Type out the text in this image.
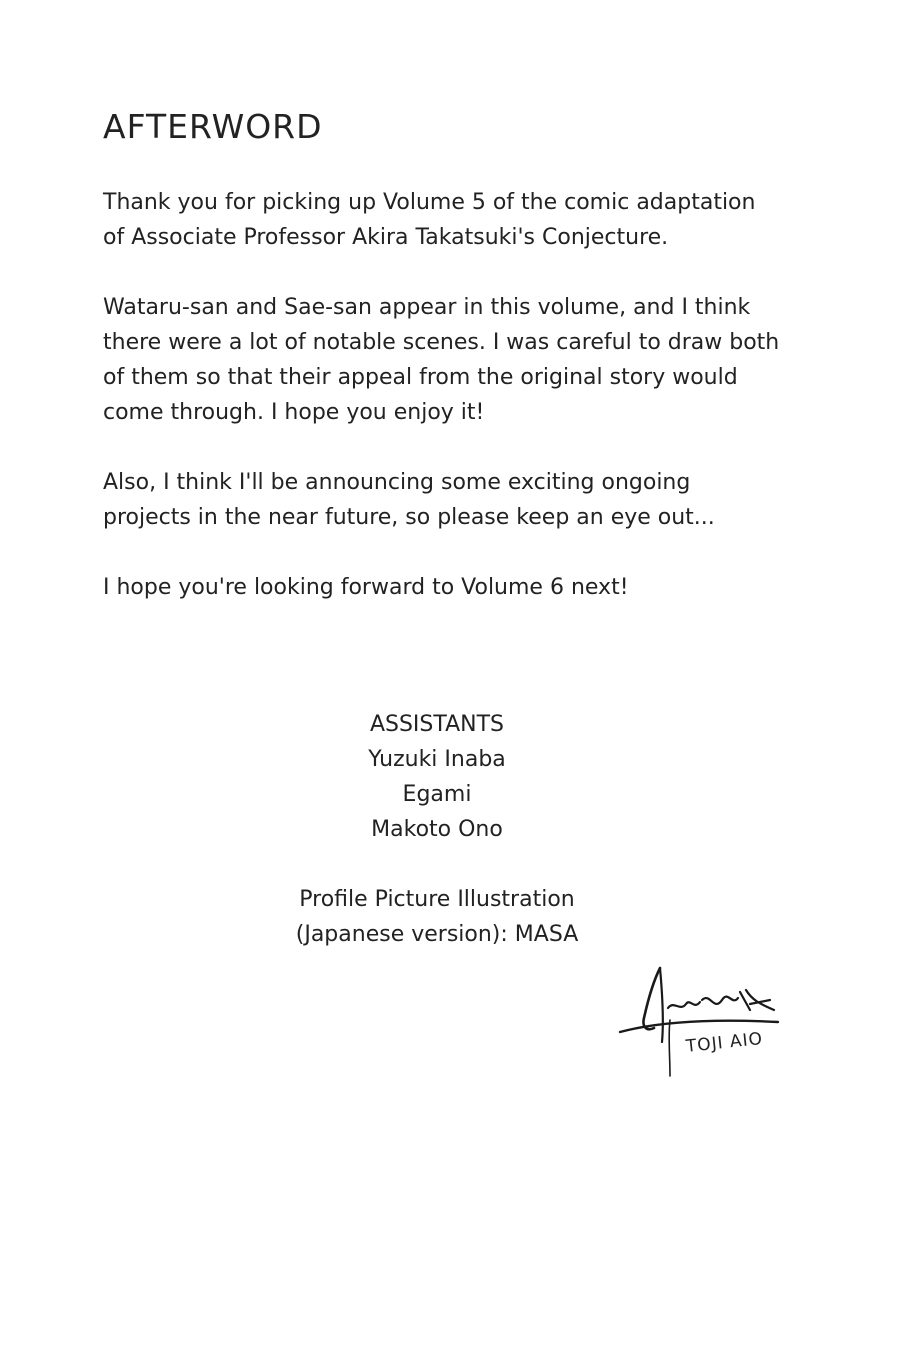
AFTERWORD

Thank you for picking up Volume 5 of the comic adaptation of Associate Professor Akira Takatsuki's Conjecture.

Wataru-san and Sae-san appear in this volume, and I think there were a lot of notable scenes. I was careful to draw both of them so that their appeal from the original story would come through. I hope you enjoy it!

Also, I think I'll be announcing some exciting ongoing projects in the near future, so please keep an eye out...

I hope you're looking forward to Volume 6 next!

ASSISTANTS
Yuzuki Inaba
Egami
Makoto Ono
Profile Picture Illustration
(Japanese version): MASA
TOJI AIO
